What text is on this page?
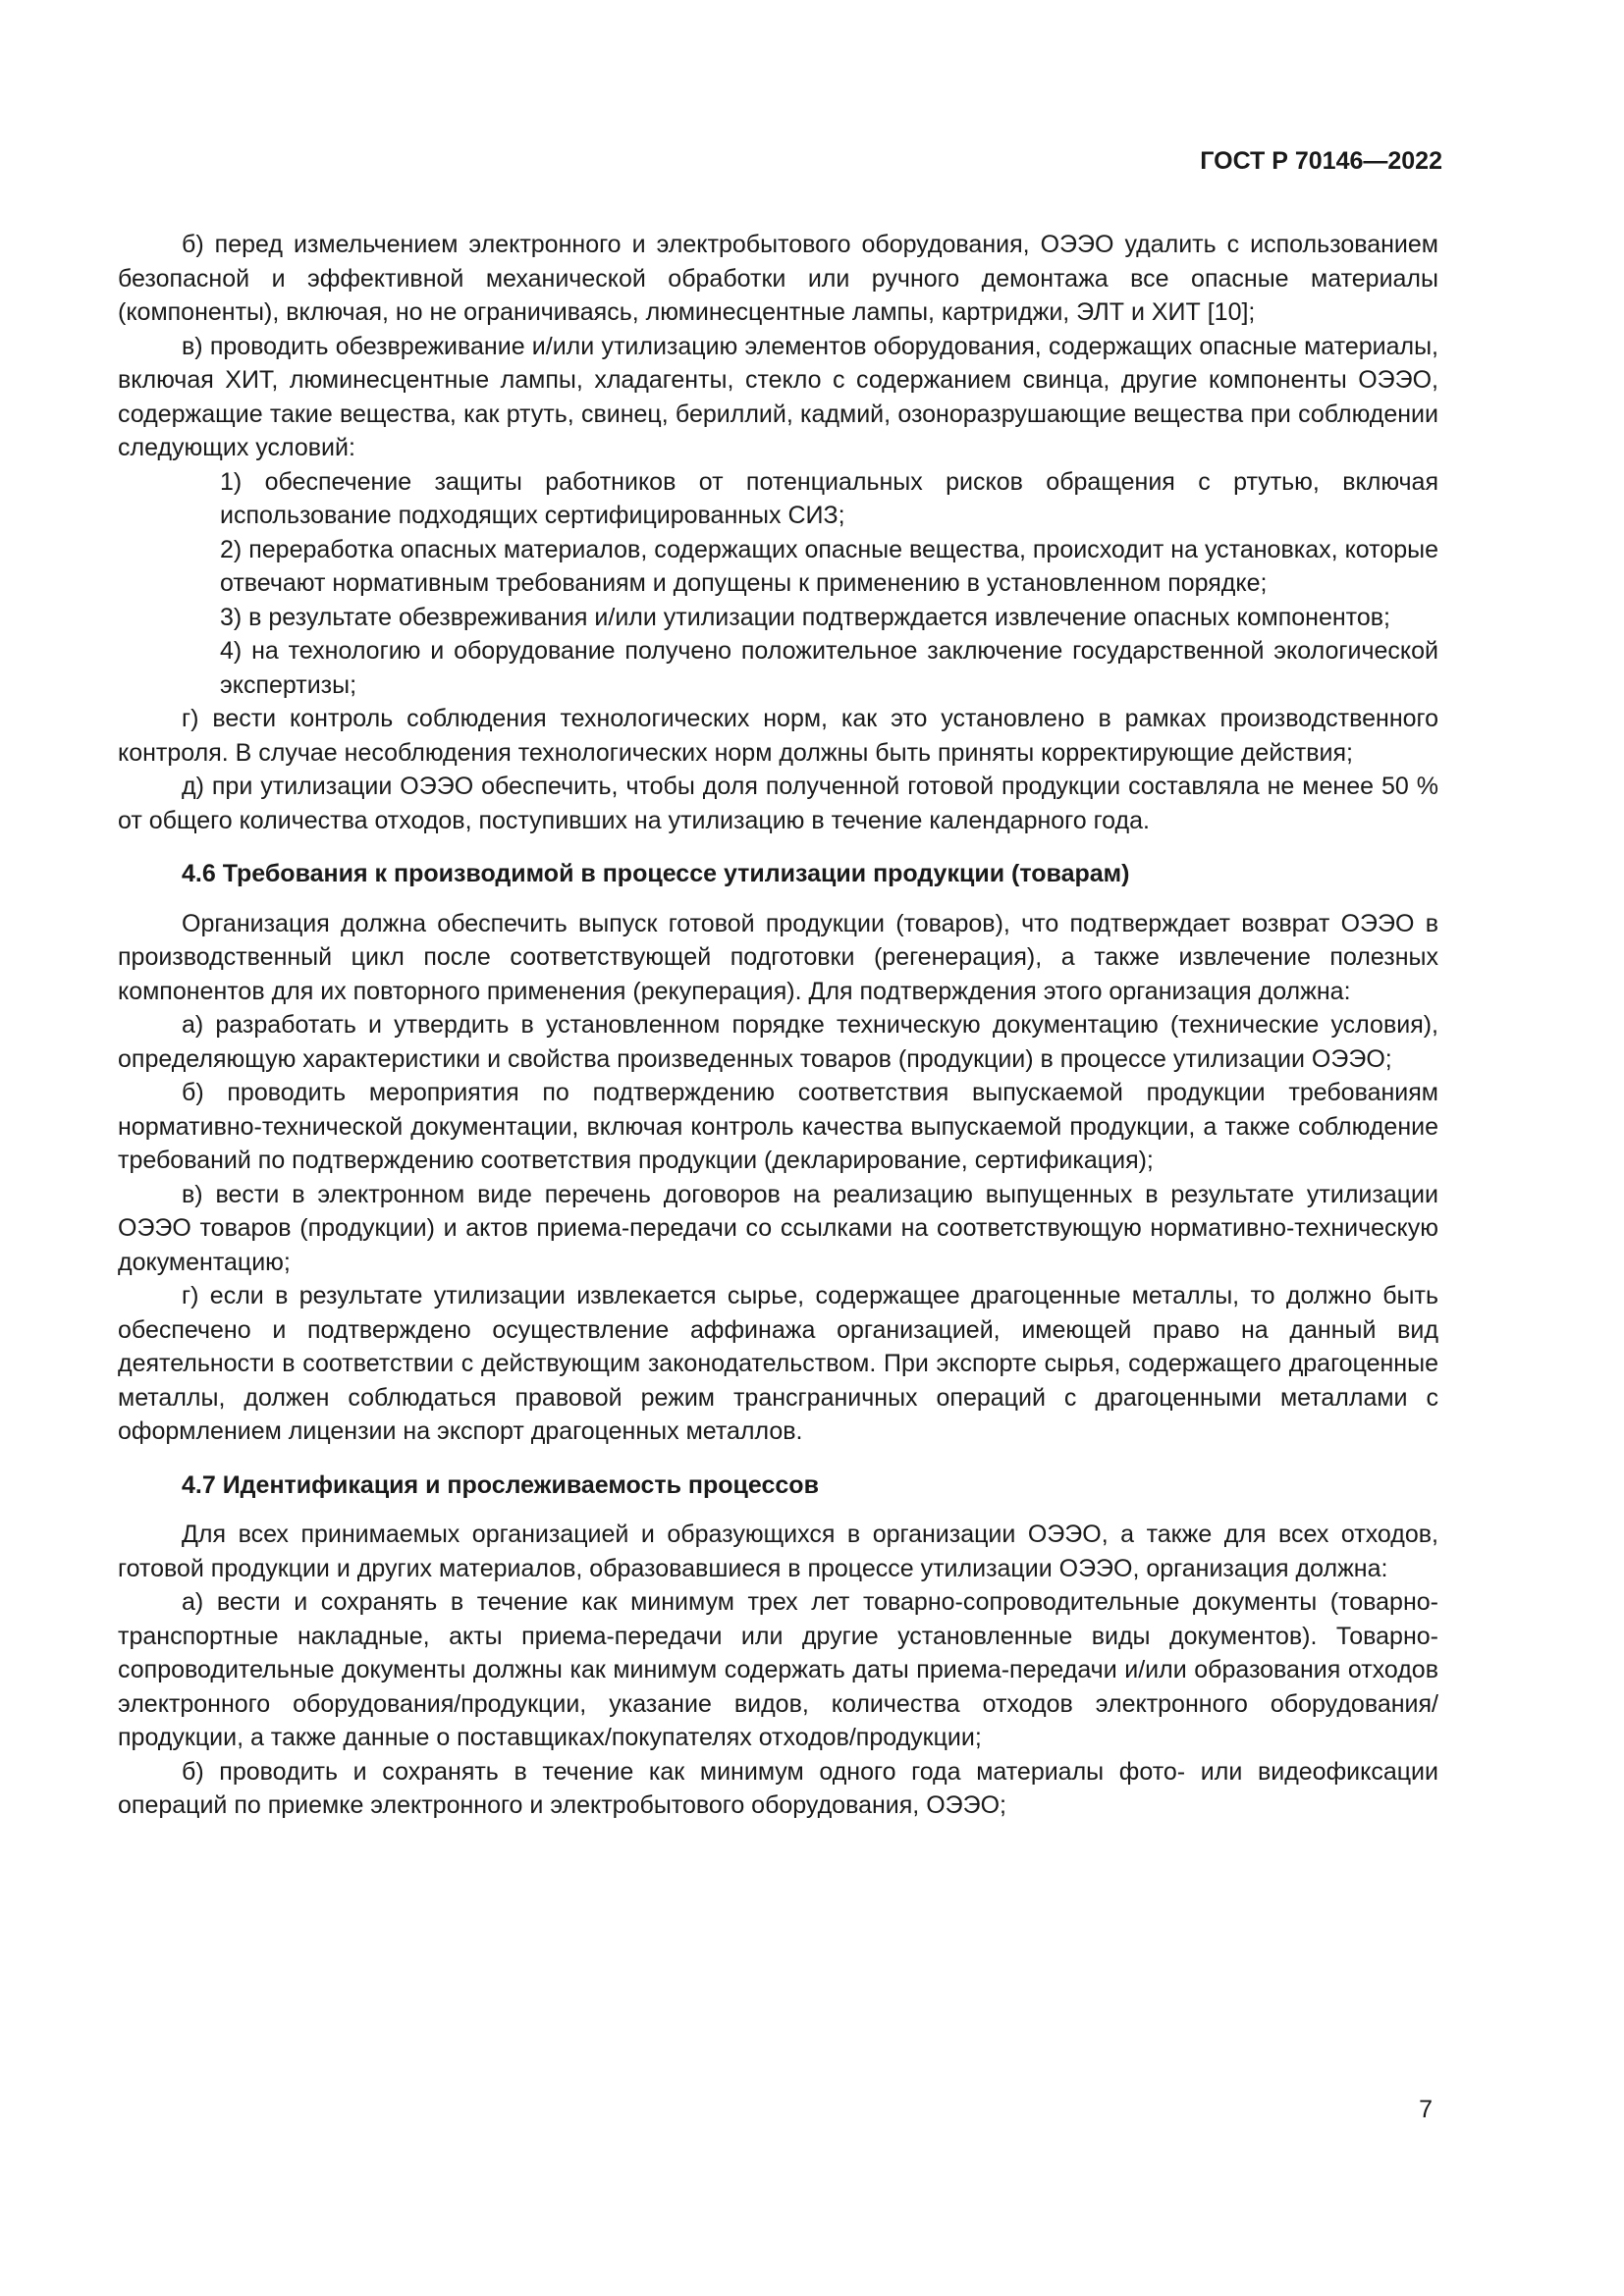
ГОСТ Р 70146—2022

б) перед измельчением электронного и электробытового оборудования, ОЭЭО удалить с использованием безопасной и эффективной механической обработки или ручного демонтажа все опасные материалы (компоненты), включая, но не ограничиваясь, люминесцентные лампы, картриджи, ЭЛТ и ХИТ [10];

в) проводить обезвреживание и/или утилизацию элементов оборудования, содержащих опасные материалы, включая ХИТ, люминесцентные лампы, хладагенты, стекло с содержанием свинца, другие компоненты ОЭЭО, содержащие такие вещества, как ртуть, свинец, бериллий, кадмий, озоноразрушающие вещества при соблюдении следующих условий:

1) обеспечение защиты работников от потенциальных рисков обращения с ртутью, включая использование подходящих сертифицированных СИЗ;

2) переработка опасных материалов, содержащих опасные вещества, происходит на установках, которые отвечают нормативным требованиям и допущены к применению в установленном порядке;

3) в результате обезвреживания и/или утилизации подтверждается извлечение опасных компонентов;

4) на технологию и оборудование получено положительное заключение государственной экологической экспертизы;

г) вести контроль соблюдения технологических норм, как это установлено в рамках производственного контроля. В случае несоблюдения технологических норм должны быть приняты корректирующие действия;

д) при утилизации ОЭЭО обеспечить, чтобы доля полученной готовой продукции составляла не менее 50 % от общего количества отходов, поступивших на утилизацию в течение календарного года.

4.6 Требования к производимой в процессе утилизации продукции (товарам)

Организация должна обеспечить выпуск готовой продукции (товаров), что подтверждает возврат ОЭЭО в производственный цикл после соответствующей подготовки (регенерация), а также извлечение полезных компонентов для их повторного применения (рекуперация). Для подтверждения этого организация должна:

а) разработать и утвердить в установленном порядке техническую документацию (технические условия), определяющую характеристики и свойства произведенных товаров (продукции) в процессе утилизации ОЭЭО;

б) проводить мероприятия по подтверждению соответствия выпускаемой продукции требованиям нормативно-технической документации, включая контроль качества выпускаемой продукции, а также соблюдение требований по подтверждению соответствия продукции (декларирование, сертификация);

в) вести в электронном виде перечень договоров на реализацию выпущенных в результате утилизации ОЭЭО товаров (продукции) и актов приема-передачи со ссылками на соответствующую нормативно-техническую документацию;

г) если в результате утилизации извлекается сырье, содержащее драгоценные металлы, то должно быть обеспечено и подтверждено осуществление аффинажа организацией, имеющей право на данный вид деятельности в соответствии с действующим законодательством. При экспорте сырья, содержащего драгоценные металлы, должен соблюдаться правовой режим трансграничных операций с драгоценными металлами с оформлением лицензии на экспорт драгоценных металлов.

4.7 Идентификация и прослеживаемость процессов

Для всех принимаемых организацией и образующихся в организации ОЭЭО, а также для всех отходов, готовой продукции и других материалов, образовавшиеся в процессе утилизации ОЭЭО, организация должна:

а) вести и сохранять в течение как минимум трех лет товарно-сопроводительные документы (товарно-транспортные накладные, акты приема-передачи или другие установленные виды документов). Товарно-сопроводительные документы должны как минимум содержать даты приема-передачи и/или образования отходов электронного оборудования/продукции, указание видов, количества отходов электронного оборудования/продукции, а также данные о поставщиках/покупателях отходов/продукции;

б) проводить и сохранять в течение как минимум одного года материалы фото- или видеофиксации операций по приемке электронного и электробытового оборудования, ОЭЭО;

7
